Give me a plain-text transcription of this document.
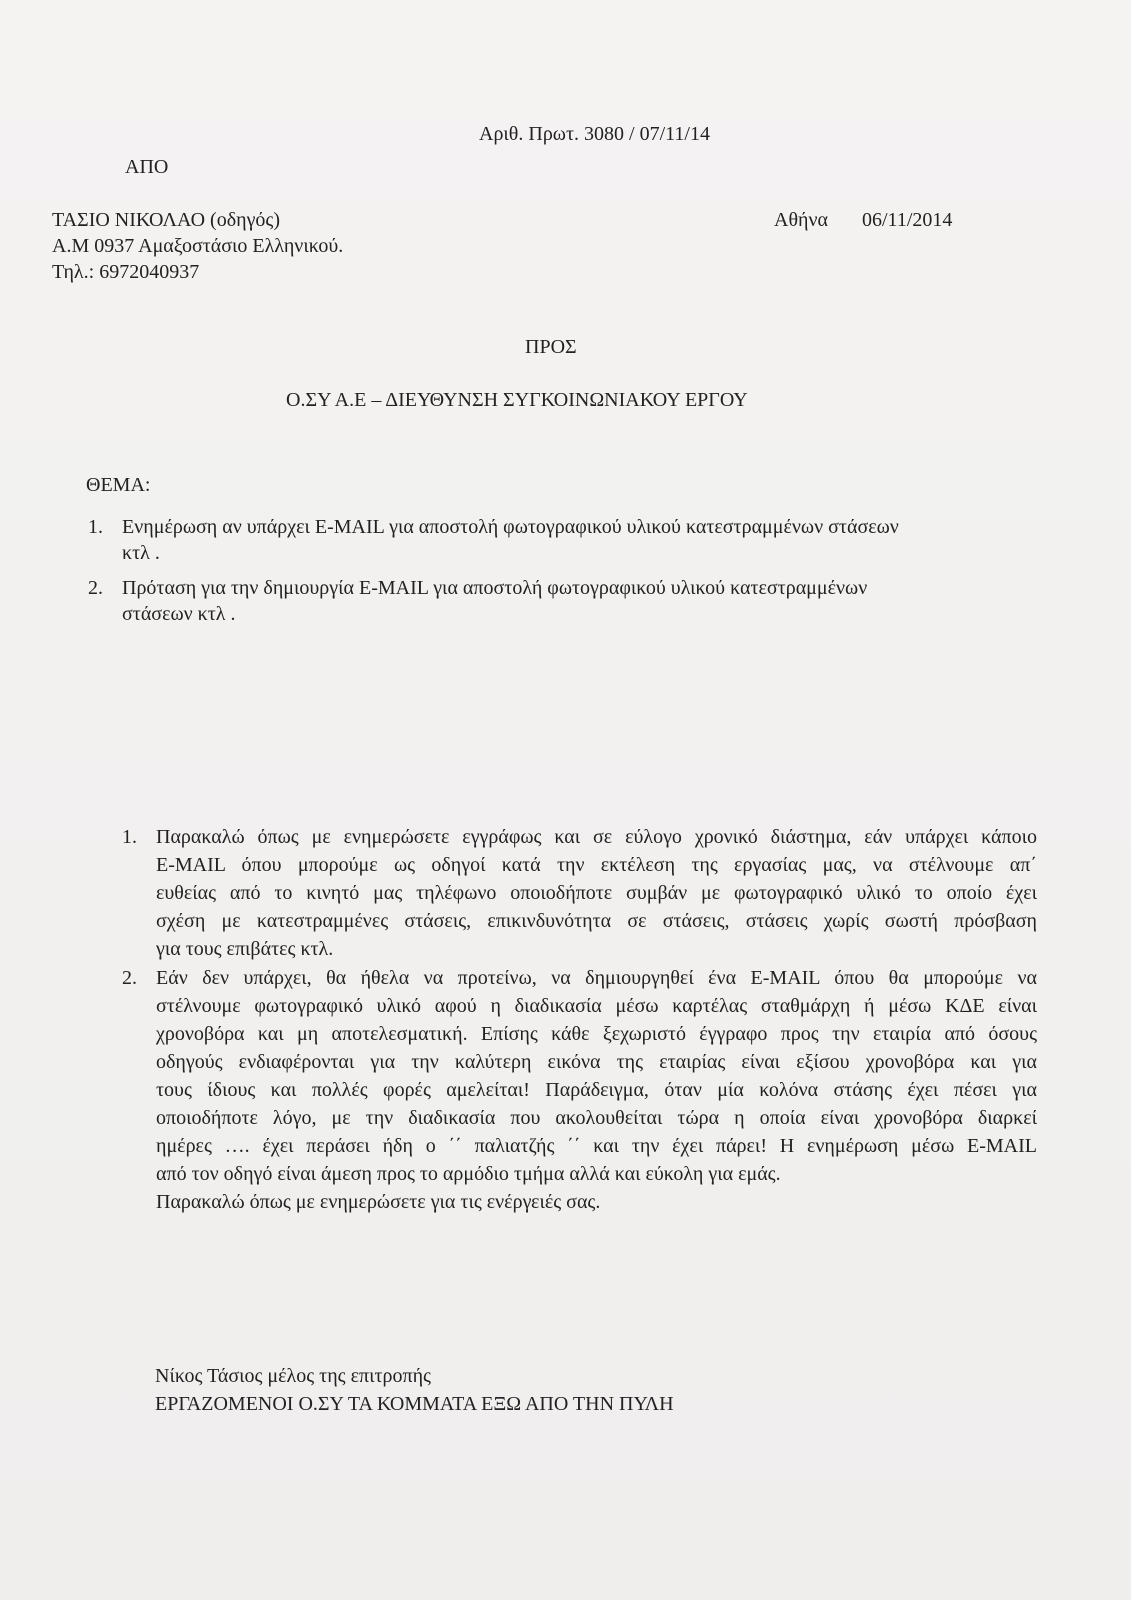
Αριθ. Πρωτ. 3080 / 07/11/14
ΑΠΟ
ΤΑΣΙΟ ΝΙΚΟΛΑΟ (οδηγός)
Α.Μ 0937 Αμαξοστάσιο Ελληνικού.
Τηλ.: 6972040937
Αθήνα 06/11/2014
ΠΡΟΣ
Ο.ΣΥ Α.Ε – ΔΙΕΥΘΥΝΣΗ ΣΥΓΚΟΙΝΩΝΙΑΚΟΥ ΕΡΓΟΥ
ΘΕΜΑ:
1. Ενημέρωση αν υπάρχει E-MAIL για αποστολή φωτογραφικού υλικού κατεστραμμένων στάσεων
κτλ .
2. Πρόταση για την δημιουργία E-MAIL για αποστολή φωτογραφικού υλικού κατεστραμμένων
στάσεων κτλ .
1. Παρακαλώ όπως με ενημερώσετε εγγράφως και σε εύλογο χρονικό διάστημα, εάν υπάρχει κάποιο
E-MAIL όπου μπορούμε ως οδηγοί κατά την εκτέλεση της εργασίας μας, να στέλνουμε απ΄
ευθείας από το κινητό μας τηλέφωνο οποιοδήποτε συμβάν με φωτογραφικό υλικό το οποίο έχει
σχέση με κατεστραμμένες στάσεις, επικινδυνότητα σε στάσεις, στάσεις χωρίς σωστή πρόσβαση
για τους επιβάτες κτλ.
2. Εάν δεν υπάρχει, θα ήθελα να προτείνω, να δημιουργηθεί ένα E-MAIL όπου θα μπορούμε να
στέλνουμε φωτογραφικό υλικό αφού η διαδικασία μέσω καρτέλας σταθμάρχη ή μέσω ΚΔΕ είναι
χρονοβόρα και μη αποτελεσματική. Επίσης κάθε ξεχωριστό έγγραφο προς την εταιρία από όσους
οδηγούς ενδιαφέρονται για την καλύτερη εικόνα της εταιρίας είναι εξίσου χρονοβόρα και για
τους ίδιους και πολλές φορές αμελείται! Παράδειγμα, όταν μία κολόνα στάσης έχει πέσει για
οποιοδήποτε λόγο, με την διαδικασία που ακολουθείται τώρα η οποία είναι χρονοβόρα διαρκεί
ημέρες …. έχει περάσει ήδη ο ΄΄ παλιατζής ΄΄ και την έχει πάρει! Η ενημέρωση μέσω E-MAIL
από τον οδηγό είναι άμεση προς το αρμόδιο τμήμα αλλά και εύκολη για εμάς.
Παρακαλώ όπως με ενημερώσετε για τις ενέργειές σας.
Νίκος Τάσιος μέλος της επιτροπής
ΕΡΓΑΖΟΜΕΝΟΙ Ο.ΣΥ ΤΑ ΚΟΜΜΑΤΑ ΕΞΩ ΑΠΟ ΤΗΝ ΠΥΛΗ
